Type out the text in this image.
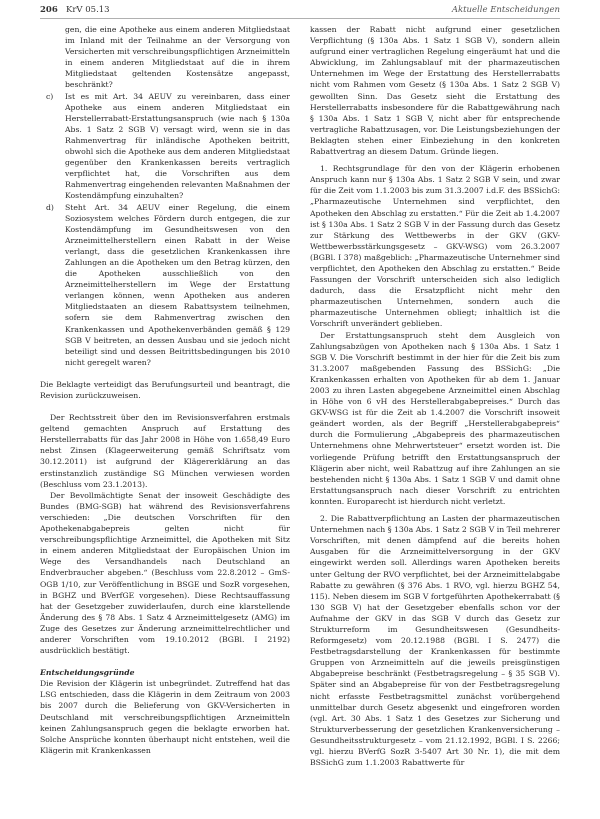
206 KrV 05.13	Aktuelle Entscheidungen

gen, die eine Apotheke aus einem anderen Mitgliedstaat im Inland mit der Teilnahme an der Versorgung von Versicherten mit verschreibungspflichtigen Arzneimitteln in einem anderen Mitgliedstaat auf die in ihrem Mitgliedstaat geltenden Kostensätze angepasst, beschränkt?

c) Ist es mit Art. 34 AEUV zu vereinbaren, dass einer Apotheke aus einem anderen Mitgliedstaat ein Herstellerrabatt-Erstattungsanspruch (wie nach § 130a Abs. 1 Satz 2 SGB V) versagt wird, wenn sie in das Rahmenvertrag für inländische Apotheken beitritt, obwohl sich die Apotheke aus dem anderen Mitgliedstaat gegenüber den Krankenkassen bereits vertraglich verpflichtet hat, die Vorschriften aus dem Rahmenvertrag eingehenden relevanten Maßnahmen der Kostendämpfung einzuhalten?

d) Steht Art. 34 AEUV einer Regelung, die einem Soziosystem welches Fördern durch entgegen, die zur Kostendämpfung im Gesundheitswesen von den Arzneimittelherstellern einen Rabatt in der Weise verlangt, dass die gesetzlichen Krankenkassen ihre Zahlungen an die Apotheken um den Betrag kürzen, den die Apotheken ausschließlich von den Arzneimittelherstellern im Wege der Erstattung verlangen können, wenn Apotheken aus anderen Mitgliedstaaten an diesem Rabattsystem teilnehmen, sofern sie dem Rahmenvertrag zwischen den Krankenkassen und Apothekenverbänden gemäß § 129 SGB V beitreten, an dessen Ausbau und sie jedoch nicht beteiligt sind und dessen Beitrittsbedingungen bis 2010 nicht geregelt waren?

Die Beklagte verteidigt das Berufungsurteil und beantragt, die Revision zurückzuweisen.

Der Rechtsstreit über den im Revisionsverfahren erstmals geltend gemachten Anspruch auf Erstattung des Herstellerrabatts für das Jahr 2008 in Höhe von 1.658,49 Euro nebst Zinsen (Klageerweiterung gemäß Schriftsatz vom 30.12.2011) ist aufgrund der Klägererklärung an das erstinstanzlich zuständige SG München verwiesen worden (Beschluss vom 23.1.2013).

Der Bevollmächtigte Senat der insoweit Geschädigte des Bundes (BMG-SGB) hat während des Revisionsverfahrens verschieden: „Die deutschen Vorschriften für den Apothekenabgabepreis gelten nicht für verschreibungspflichtige Arzneimittel, die Apotheken mit Sitz in einem anderen Mitgliedstaat der Europäischen Union im Wege des Versandhandels nach Deutschland an Endverbraucher abgeben.“ (Beschluss vom 22.8.2012 – GmS-OGB 1/10, zur Veröffentlichung in BSGE und SozR vorgesehen, in BGHZ und BVerfGE vorgesehen). Diese Rechtsauffassung hat der Gesetzgeber zuwiderlaufen, durch eine klarstellende Änderung des § 78 Abs. 1 Satz 4 Arzneimittelgesetz (AMG) im Zuge des Gesetzes zur Änderung arzneimittelrechtlicher und anderer Vorschriften vom 19.10.2012 (BGBl. I 2192) ausdrücklich bestätigt.

Entscheidungsgründe

Die Revision der Klägerin ist unbegründet. Zutreffend hat das LSG entschieden, dass die Klägerin in dem Zeitraum von 2003 bis 2007 durch die Belieferung von GKV-Versicherten in Deutschland mit verschreibungspflichtigen Arzneimitteln keinen Zahlungsanspruch gegen die beklagte erworben hat. Solche Ansprüche konnten überhaupt nicht entstehen, weil die Klägerin mit Krankenkassen

kassen der Rabatt nicht aufgrund einer gesetzlichen Verpflichtung (§ 130a Abs. 1 Satz 1 SGB V), sondern allein aufgrund einer vertraglichen Regelung eingeräumt hat und die Abwicklung, im Zahlungsablauf mit der pharmazeutischen Unternehmen im Wege der Erstattung des Herstellerrabatts nicht vom Rahmen vom Gesetz (§ 130a Abs. 1 Satz 2 SGB V) gewollten Sinn. Das Gesetz sieht die Erstattung des Herstellerrabatts insbesondere für die Rabattgewährung nach § 130a Abs. 1 Satz 1 SGB V, nicht aber für entsprechende vertragliche Rabattzusagen, vor. Die Leistungsbeziehungen der Beklagten stehen einer Einbeziehung in den konkreten Rabattvertrag an diesem Datum. Gründe liegen.

1. Rechtsgrundlage für den von der Klägerin erhobenen Anspruch kann nur § 130a Abs. 1 Satz 2 SGB V sein, und zwar für die Zeit vom 1.1.2003 bis zum 31.3.2007 i.d.F. des BSSichG: „Pharmazeutische Unternehmen sind verpflichtet, den Apotheken den Abschlag zu erstatten.“ Für die Zeit ab 1.4.2007 ist § 130a Abs. 1 Satz 2 SGB V in der Fassung durch das Gesetz zur Stärkung des Wettbewerbs in der GKV (GKV-Wettbewerbsstärkungsgesetz – GKV-WSG) vom 26.3.2007 (BGBl. I 378) maßgeblich: „Pharmazeutische Unternehmer sind verpflichtet, den Apotheken den Abschlag zu erstatten.“ Beide Fassungen der Vorschrift unterscheiden sich also lediglich dadurch, dass die Ersatzpflicht nicht mehr den pharmazeutischen Unternehmen, sondern auch die pharmazeutische Unternehmen obliegt; inhaltlich ist die Vorschrift unverändert geblieben.

Der Erstattungsanspruch steht dem Ausgleich von Zahlungsabzügen von Apotheken nach § 130a Abs. 1 Satz 1 SGB V. Die Vorschrift bestimmt in der hier für die Zeit bis zum 31.3.2007 maßgebenden Fassung des BSSichG: „Die Krankenkassen erhalten von Apotheken für ab dem 1. Januar 2003 zu ihren Lasten abgegebene Arzneimittel einen Abschlag in Höhe von 6 vH des Herstellerabgabepreises.“ Durch das GKV-WSG ist für die Zeit ab 1.4.2007 die Vorschrift insoweit geändert worden, als der Begriff „Herstellerabgabepreis“ durch die Formulierung „Abgabepreis des pharmazeutischen Unternehmens ohne Mehrwertsteuer“ ersetzt worden ist. Die vorliegende Prüfung betrifft den Erstattungsanspruch der Klägerin aber nicht, weil Rabattzug auf ihre Zahlungen an sie bestehenden nicht § 130a Abs. 1 Satz 1 SGB V und damit ohne Erstattungsanspruch nach dieser Vorschrift zu entrichten konnten. Europarecht ist hierdurch nicht verletzt.

2. Die Rabattverpflichtung an Lasten der pharmazeutischen Unternehmen nach § 130a Abs. 1 Satz 2 SGB V in Teil mehrerer Vorschriften, mit denen dämpfend auf die bereits hohen Ausgaben für die Arzneimittelversorgung in der GKV eingewirkt werden soll. Allerdings waren Apotheken bereits unter Geltung der RVO verpflichtet, bei der Arzneimittelabgabe Rabatte zu gewähren (§ 376 Abs. 1 RVO, vgl. hierzu BGHZ 54, 115). Neben diesem im SGB V fortgeführten Apothekerrabatt (§ 130 SGB V) hat der Gesetzgeber ebenfalls schon vor der Aufnahme der GKV in das SGB V durch das Gesetz zur Strukturreform im Gesundheitswesen (Gesundheits-Reformgesetz) vom 20.12.1988 (BGBl. I S. 2477) die Festbetragsdarstellung der Krankenkassen für bestimmte Gruppen von Arzneimitteln auf die jeweils preisgünstigen Abgabepreise beschränkt (Festbetragsregelung – § 35 SGB V). Später sind an Abgabepreise für von der Festbetragsregelung nicht erfasste Festbetragsmittel zunächst vorübergehend unmittelbar durch Gesetz abgesenkt und eingefroren worden (vgl. Art. 30 Abs. 1 Satz 1 des Gesetzes zur Sicherung und Strukturverbesserung der gesetzlichen Krankenversicherung – Gesundheitsstrukturgesetz – vom 21.12.1992, BGBl. I S. 2266; vgl. hierzu BVerfG SozR 3-5407 Art 30 Nr. 1), die mit dem BSSichG zum 1.1.2003 Rabattwerte für
